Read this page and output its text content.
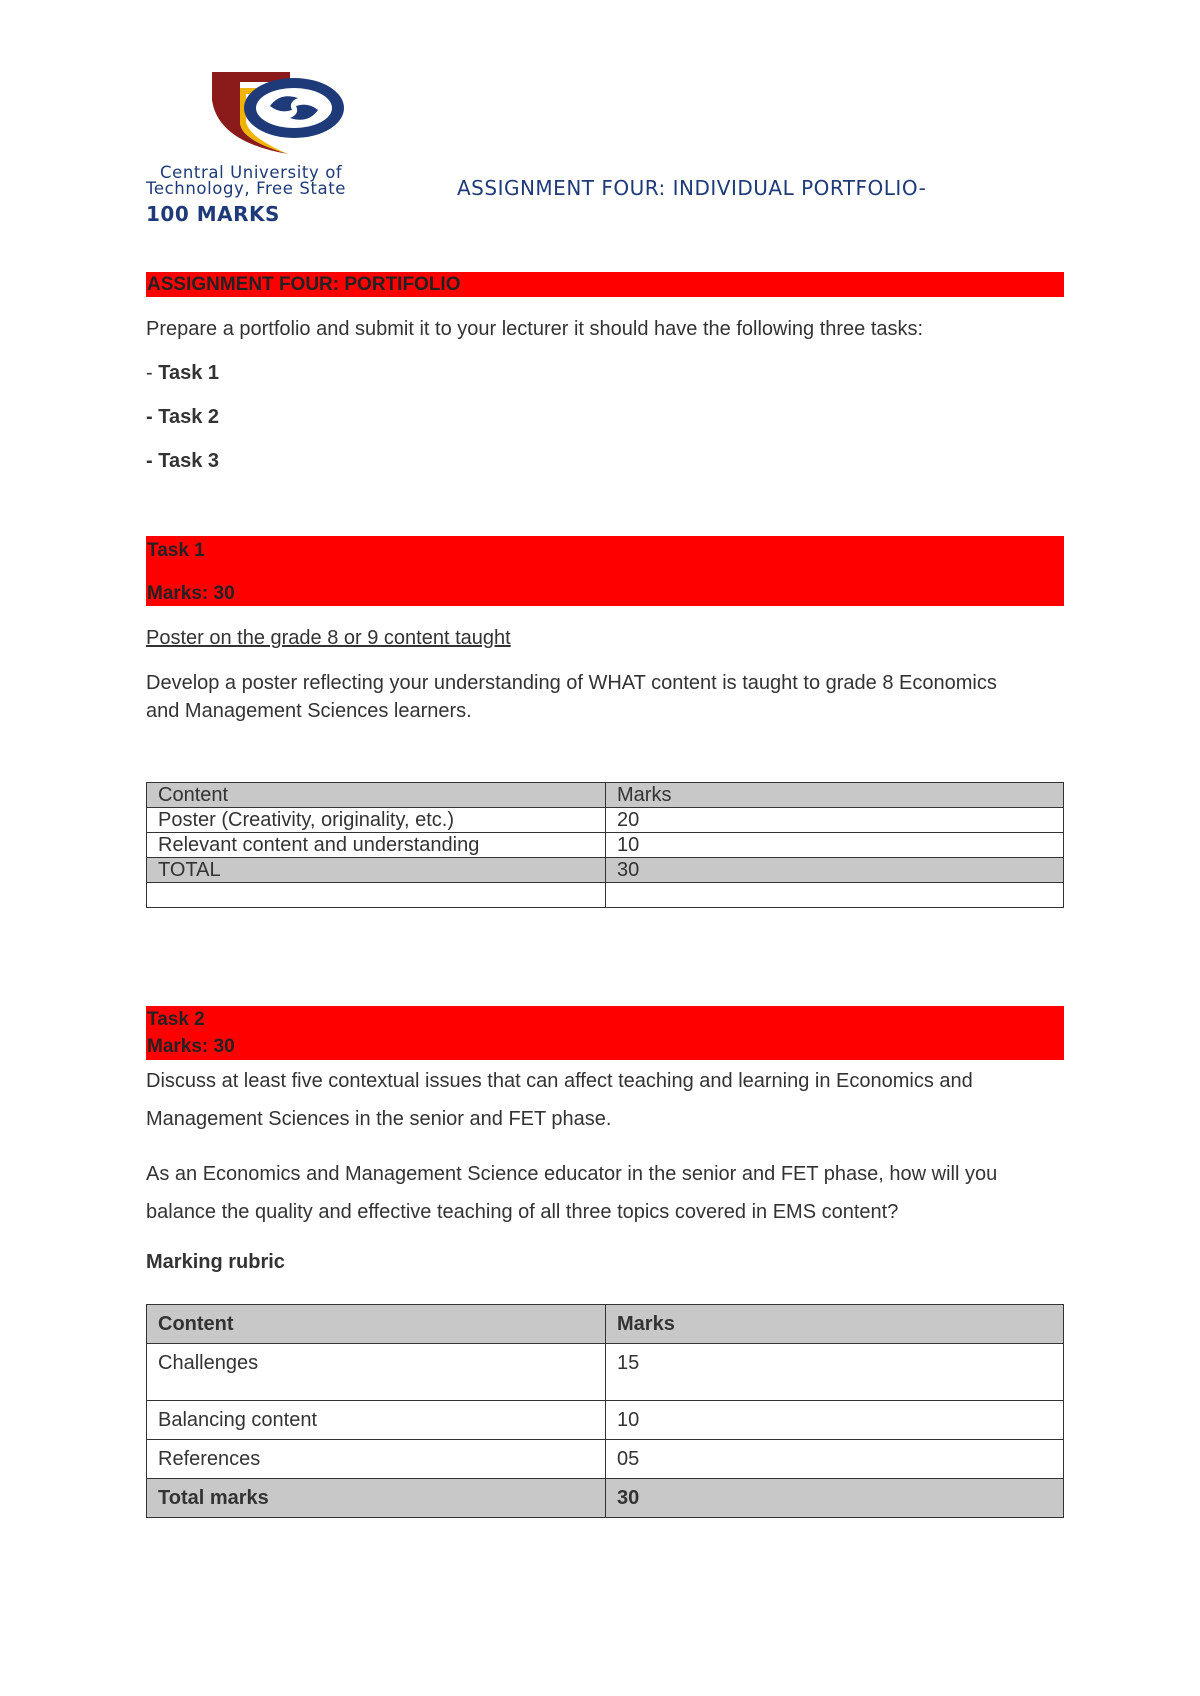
Central University of
Technology, Free State	ASSIGNMENT FOUR: INDIVIDUAL PORTFOLIO-
100 MARKS
ASSIGNMENT FOUR: PORTIFOLIO
Prepare a portfolio and submit it to your lecturer it should have the following three tasks:
- Task 1
- Task 2
- Task 3
Task 1
Marks: 30
Poster on the grade 8 or 9 content taught
Develop a poster reflecting your understanding of WHAT content is taught to grade 8 Economics and Management Sciences learners.
Content	Marks
Poster (Creativity, originality, etc.)	20
Relevant content and understanding	10
TOTAL	30

Task 2
Marks: 30
Discuss at least five contextual issues that can affect teaching and learning in Economics and Management Sciences in the senior and FET phase.
As an Economics and Management Science educator in the senior and FET phase, how will you balance the quality and effective teaching of all three topics covered in EMS content?
Marking rubric
Content	Marks
Challenges	15
Balancing content	10
References	05
Total marks	30
